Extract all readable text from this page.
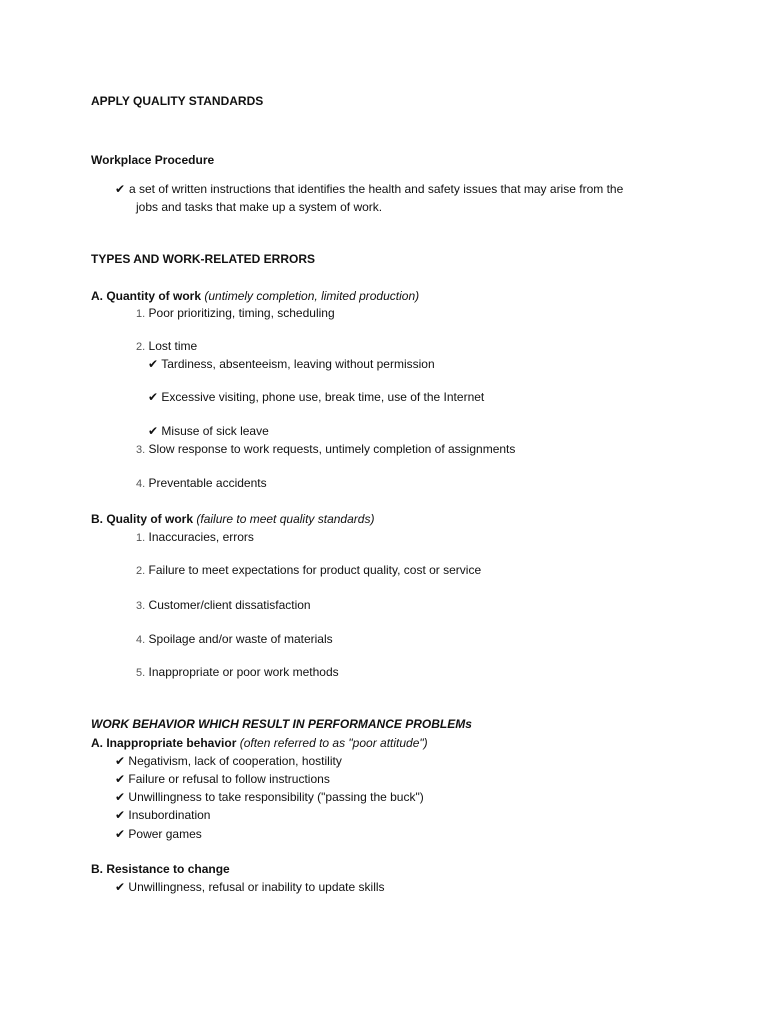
APPLY QUALITY STANDARDS
Workplace Procedure
✔ a set of written instructions that identifies the health and safety issues that may arise from the
jobs and tasks that make up a system of work.
TYPES AND WORK-RELATED ERRORS
A. Quantity of work (untimely completion, limited production)
1. Poor prioritizing, timing, scheduling
2. Lost time
✔ Tardiness, absenteeism, leaving without permission
✔ Excessive visiting, phone use, break time, use of the Internet
✔ Misuse of sick leave
3. Slow response to work requests, untimely completion of assignments
4. Preventable accidents
B. Quality of work (failure to meet quality standards)
1. Inaccuracies, errors
2. Failure to meet expectations for product quality, cost or service
3. Customer/client dissatisfaction
4. Spoilage and/or waste of materials
5. Inappropriate or poor work methods
WORK BEHAVIOR WHICH RESULT IN PERFORMANCE PROBLEMs
A. Inappropriate behavior (often referred to as "poor attitude")
✔ Negativism, lack of cooperation, hostility
✔ Failure or refusal to follow instructions
✔ Unwillingness to take responsibility ("passing the buck")
✔ Insubordination
✔ Power games
B. Resistance to change
✔ Unwillingness, refusal or inability to update skills
